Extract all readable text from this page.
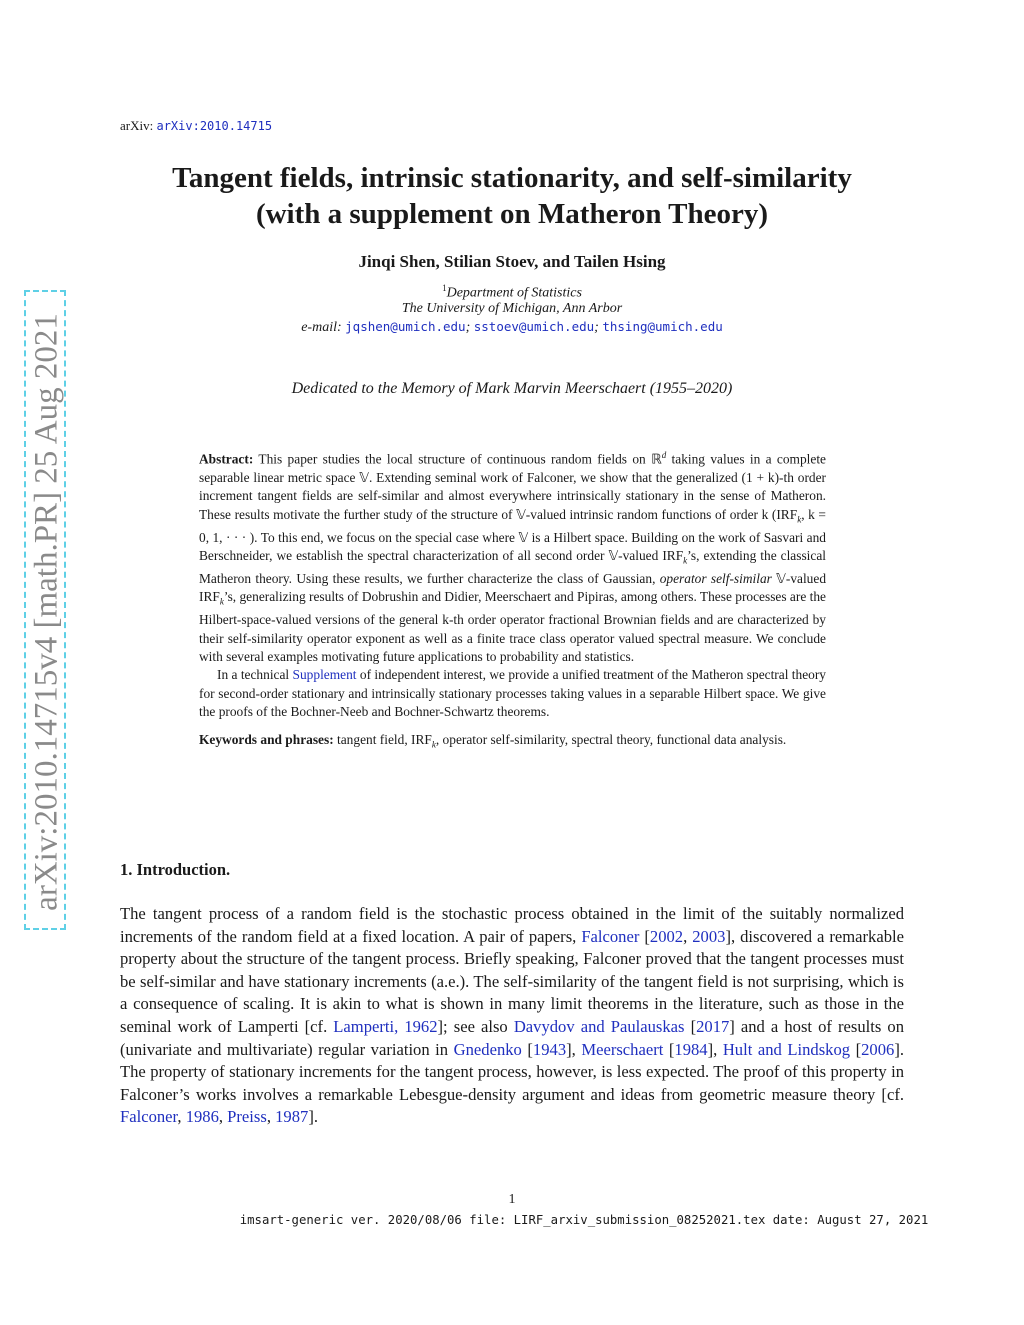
arXiv: arXiv:2010.14715
Tangent fields, intrinsic stationarity, and self-similarity
(with a supplement on Matheron Theory)
Jinqi Shen, Stilian Stoev, and Tailen Hsing
$^1$Department of Statistics
The University of Michigan, Ann Arbor
e-mail: jqshen@umich.edu; sstoev@umich.edu; thsing@umich.edu
Dedicated to the Memory of Mark Marvin Meerschaert (1955–2020)
arXiv:2010.14715v4 [math.PR] 25 Aug 2021	Abstract: This paper studies the local structure of continuous random fields on ℝ$^d$ taking values in a complete separable linear metric space 𝕍. Extending seminal work of Falconer, we show that the generalized (1 + k)-th order increment tangent fields are self-similar and almost everywhere intrinsically stationary in the sense of Matheron. These results motivate the further study of the structure of 𝕍-valued intrinsic random functions of order k ($IRF_k$, k = 0, 1, · · · ). To this end, we focus on the special case where 𝕍 is a Hilbert space. Building on the work of Sasvari and Berschneider, we establish the spectral characterization of all second order 𝕍-valued $IRF_k’s$, extending the classical Matheron theory. Using these results, we further characterize the class of Gaussian, operator self-similar 𝕍-valued $IRF_k’s$, generalizing results of Dobrushin and Didier, Meerschaert and Pipiras, among others. These processes are the Hilbert-space-valued versions of the general k-th order operator fractional Brownian fields and are characterized by their self-similarity operator exponent as well as a finite trace class operator valued spectral measure. We conclude with several examples motivating future applications to probability and statistics.

In a technical Supplement of independent interest, we provide a unified treatment of the Matheron spectral theory for second-order stationary and intrinsically stationary processes taking values in a separable Hilbert space. We give the proofs of the Bochner-Neeb and Bochner-Schwartz theorems.

Keywords and phrases: tangent field, $IRF_k$, operator self-similarity, spectral theory, functional data analysis.

1. Introduction.

The tangent process of a random field is the stochastic process obtained in the limit of the suitably normalized increments of the random field at a fixed location. A pair of papers, Falconer [2002, 2003], discovered a remarkable property about the structure of the tangent process. Briefly speaking, Falconer proved that the tangent processes must be self-similar and have stationary increments (a.e.). The self-similarity of the tangent field is not surprising, which is a consequence of scaling. It is akin to what is shown in many limit theorems in the literature, such as those in the seminal work of Lamperti [cf. Lamperti, 1962]; see also Davydov and Paulauskas [2017] and a host of results on (univariate and multivariate) regular variation in Gnedenko [1943], Meerschaert [1984], Hult and Lindskog [2006]. The property of stationary increments for the tangent process, however, is less expected. The proof of this property in Falconer’s works involves a remarkable Lebesgue-density argument and ideas from geometric measure theory [cf. Falconer, 1986, Preiss, 1987].

1
imsart-generic ver. 2020/08/06 file: LIRF_arxiv_submission_08252021.tex date: August 27, 2021
